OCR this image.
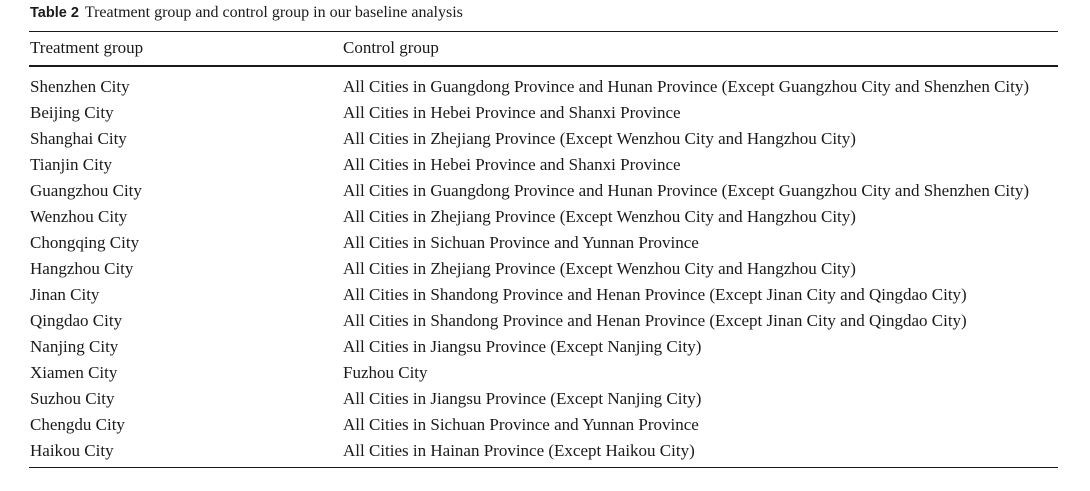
Table 2 Treatment group and control group in our baseline analysis
Treatment group	Control group
Shenzhen City	All Cities in Guangdong Province and Hunan Province (Except Guangzhou City and Shenzhen City)
Beijing City	All Cities in Hebei Province and Shanxi Province
Shanghai City	All Cities in Zhejiang Province (Except Wenzhou City and Hangzhou City)
Tianjin City	All Cities in Hebei Province and Shanxi Province
Guangzhou City	All Cities in Guangdong Province and Hunan Province (Except Guangzhou City and Shenzhen City)
Wenzhou City	All Cities in Zhejiang Province (Except Wenzhou City and Hangzhou City)
Chongqing City	All Cities in Sichuan Province and Yunnan Province
Hangzhou City	All Cities in Zhejiang Province (Except Wenzhou City and Hangzhou City)
Jinan City	All Cities in Shandong Province and Henan Province (Except Jinan City and Qingdao City)
Qingdao City	All Cities in Shandong Province and Henan Province (Except Jinan City and Qingdao City)
Nanjing City	All Cities in Jiangsu Province (Except Nanjing City)
Xiamen City	Fuzhou City
Suzhou City	All Cities in Jiangsu Province (Except Nanjing City)
Chengdu City	All Cities in Sichuan Province and Yunnan Province
Haikou City	All Cities in Hainan Province (Except Haikou City)
